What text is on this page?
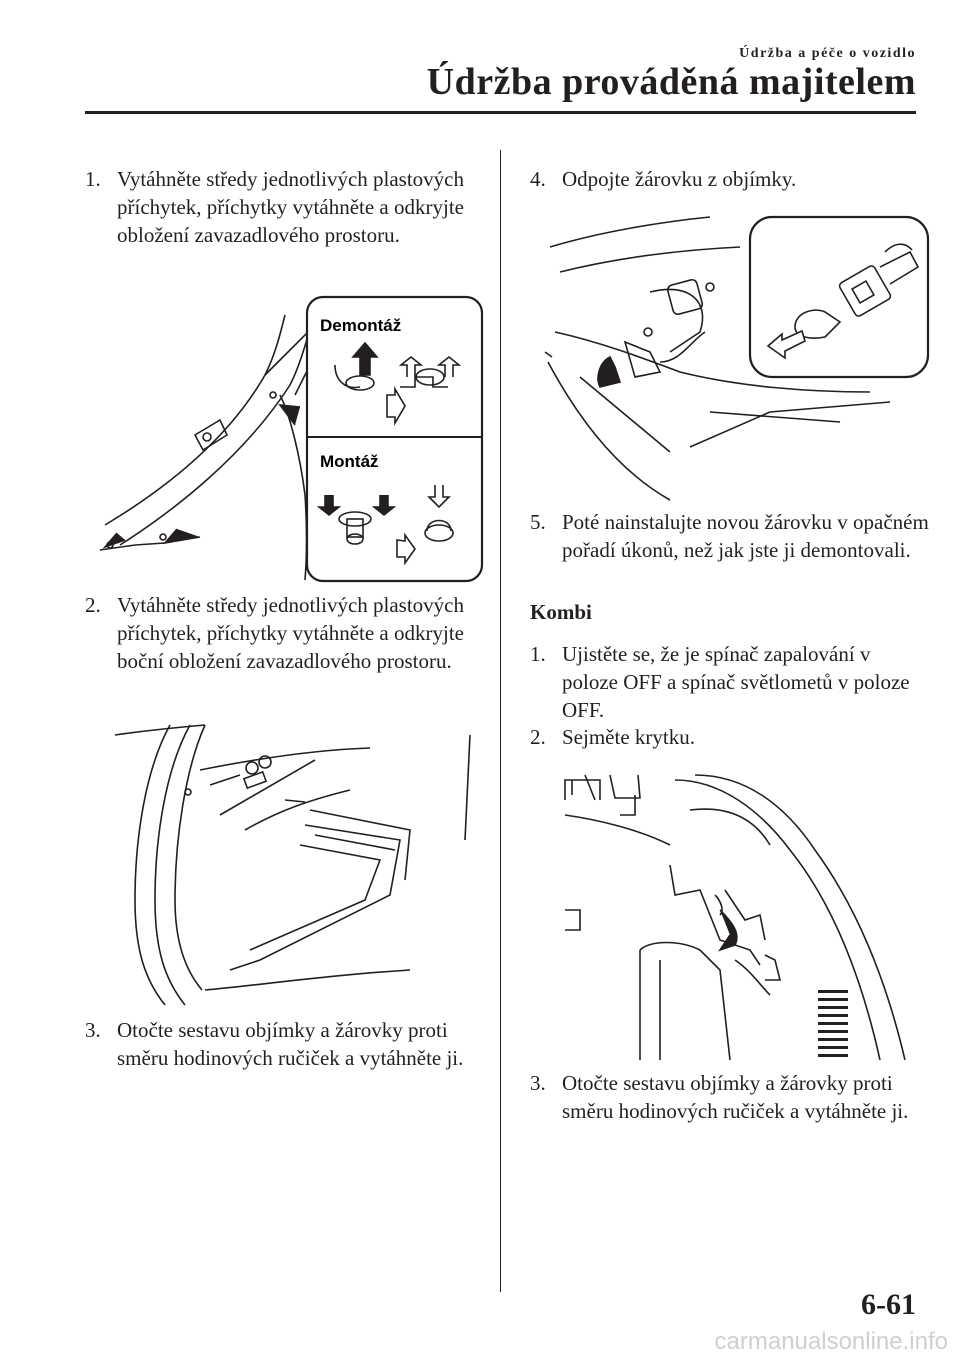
Údržba a péče o vozidlo
Údržba prováděná majitelem
1. Vytáhněte středy jednotlivých plastových příchytek, příchytky vytáhněte a odkryjte obložení zavazadlového prostoru.
Demontáž
Montáž
2. Vytáhněte středy jednotlivých plastových příchytek, příchytky vytáhněte a odkryjte boční obložení zavazadlového prostoru.
3. Otočte sestavu objímky a žárovky proti směru hodinových ručiček a vytáhněte ji.
4. Odpojte žárovku z objímky.
5. Poté nainstalujte novou žárovku v opačném pořadí úkonů, než jak jste ji demontovali.
Kombi
1. Ujistěte se, že je spínač zapalování v poloze OFF a spínač světlometů v poloze OFF.
2. Sejměte krytku.
3. Otočte sestavu objímky a žárovky proti směru hodinových ručiček a vytáhněte ji.
6-61
carmanualsonline.info
